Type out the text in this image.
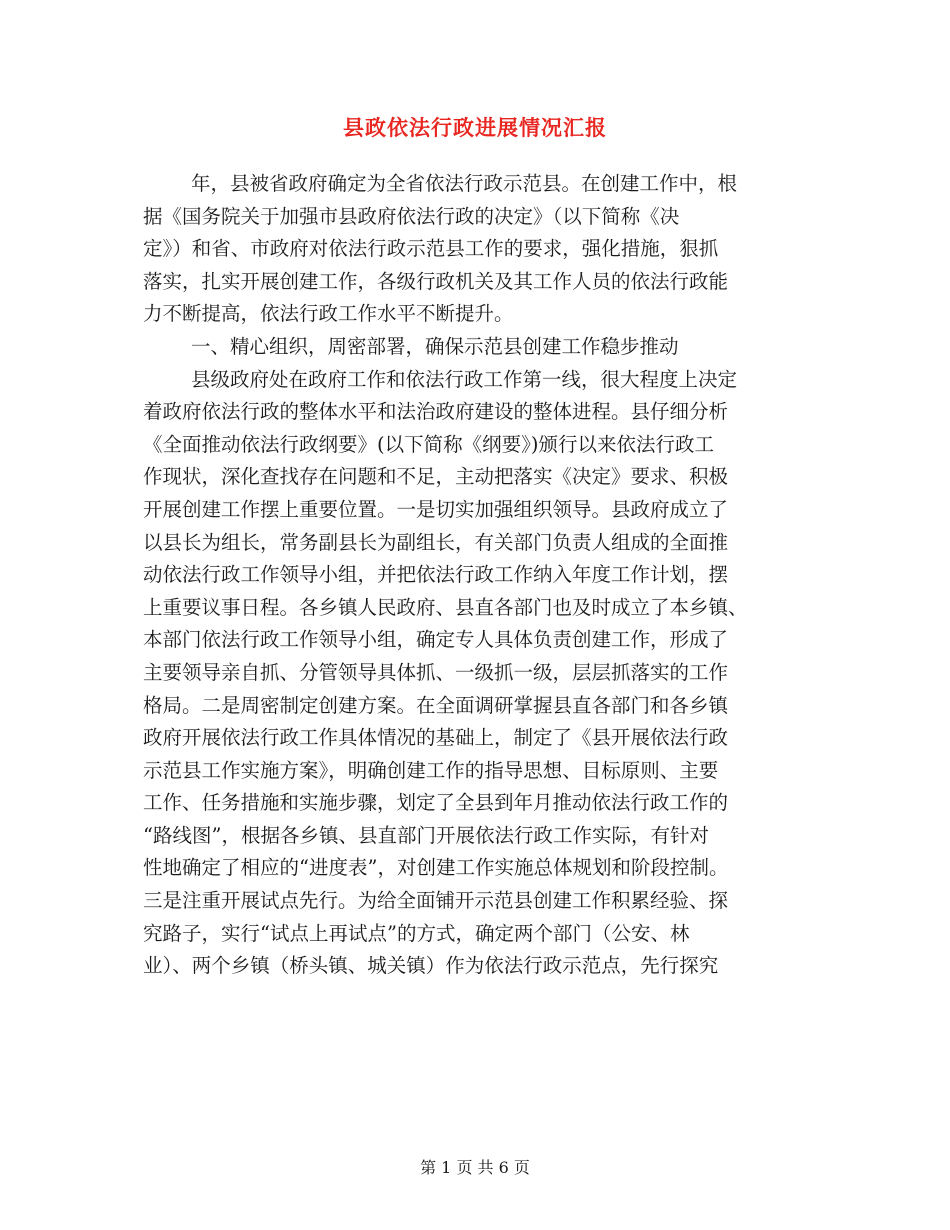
县政依法行政进展情况汇报
年，县被省政府确定为全省依法行政示范县。在创建工作中，根
据《国务院关于加强市县政府依法行政的决定》（以下简称《决
定》）和省、市政府对依法行政示范县工作的要求，强化措施，狠抓
落实，扎实开展创建工作，各级行政机关及其工作人员的依法行政能
力不断提高，依法行政工作水平不断提升。
一、精心组织，周密部署，确保示范县创建工作稳步推动
县级政府处在政府工作和依法行政工作第一线，很大程度上决定
着政府依法行政的整体水平和法治政府建设的整体进程。县仔细分析
《全面推动依法行政纲要》(以下简称《纲要》)颁行以来依法行政工
作现状，深化查找存在问题和不足，主动把落实《决定》要求、积极
开展创建工作摆上重要位置。一是切实加强组织领导。县政府成立了
以县长为组长，常务副县长为副组长，有关部门负责人组成的全面推
动依法行政工作领导小组，并把依法行政工作纳入年度工作计划，摆
上重要议事日程。各乡镇人民政府、县直各部门也及时成立了本乡镇、
本部门依法行政工作领导小组，确定专人具体负责创建工作，形成了
主要领导亲自抓、分管领导具体抓、一级抓一级，层层抓落实的工作
格局。二是周密制定创建方案。在全面调研掌握县直各部门和各乡镇
政府开展依法行政工作具体情况的基础上，制定了《县开展依法行政
示范县工作实施方案》，明确创建工作的指导思想、目标原则、主要
工作、任务措施和实施步骤，划定了全县到年月推动依法行政工作的
“路线图”，根据各乡镇、县直部门开展依法行政工作实际，有针对
性地确定了相应的“进度表”，对创建工作实施总体规划和阶段控制。
三是注重开展试点先行。为给全面铺开示范县创建工作积累经验、探
究路子，实行“试点上再试点”的方式，确定两个部门（公安、林
业）、两个乡镇（桥头镇、城关镇）作为依法行政示范点，先行探究
第 1 页 共 6 页
